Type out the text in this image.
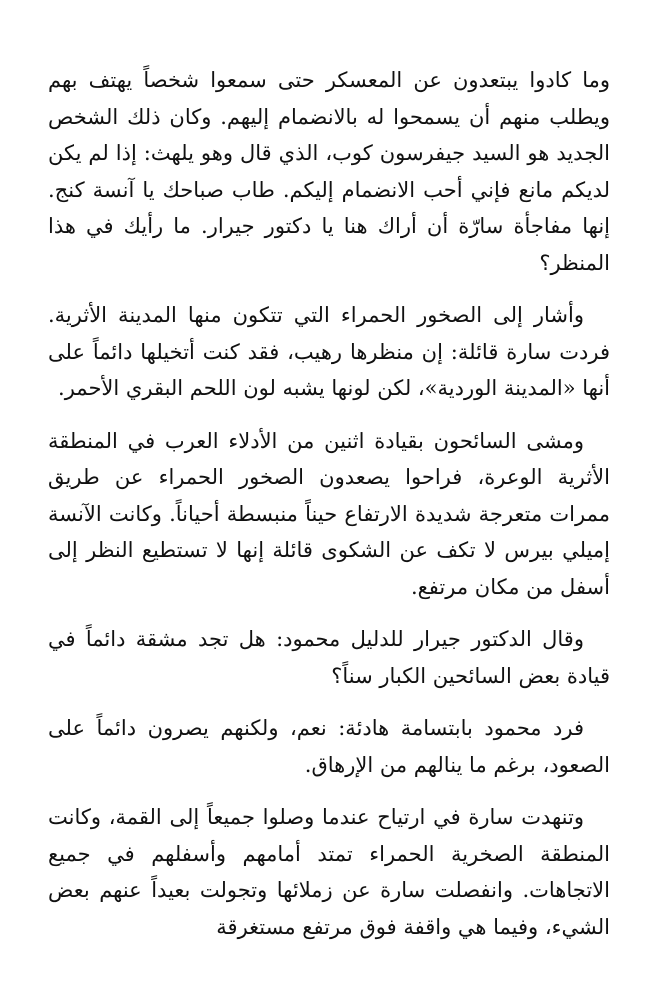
وما كادوا يبتعدون عن المعسكر حتى سمعوا شخصاً يهتف بهم ويطلب منهم أن يسمحوا له بالانضمام إليهم. وكان ذلك الشخص الجديد هو السيد جيفرسون كوب، الذي قال وهو يلهث: إذا لم يكن لديكم مانع فإني أحب الانضمام إليكم. طاب صباحك يا آنسة كنج. إنها مفاجأة سارّة أن أراك هنا يا دكتور جيرار. ما رأيك في هذا المنظر؟

وأشار إلى الصخور الحمراء التي تتكون منها المدينة الأثرية. فردت سارة قائلة: إن منظرها رهيب، فقد كنت أتخيلها دائماً على أنها «المدينة الوردية»، لكن لونها يشبه لون اللحم البقري الأحمر.

ومشى السائحون بقيادة اثنين من الأدلاء العرب في المنطقة الأثرية الوعرة، فراحوا يصعدون الصخور الحمراء عن طريق ممرات متعرجة شديدة الارتفاع حيناً منبسطة أحياناً. وكانت الآنسة إميلي بيرس لا تكف عن الشكوى قائلة إنها لا تستطيع النظر إلى أسفل من مكان مرتفع.

وقال الدكتور جيرار للدليل محمود: هل تجد مشقة دائماً في قيادة بعض السائحين الكبار سناً؟

فرد محمود بابتسامة هادئة: نعم، ولكنهم يصرون دائماً على الصعود، برغم ما ينالهم من الإرهاق.

وتنهدت سارة في ارتياح عندما وصلوا جميعاً إلى القمة، وكانت المنطقة الصخرية الحمراء تمتد أمامهم وأسفلهم في جميع الاتجاهات. وانفصلت سارة عن زملائها وتجولت بعيداً عنهم بعض الشيء، وفيما هي واقفة فوق مرتفع مستغرقة
